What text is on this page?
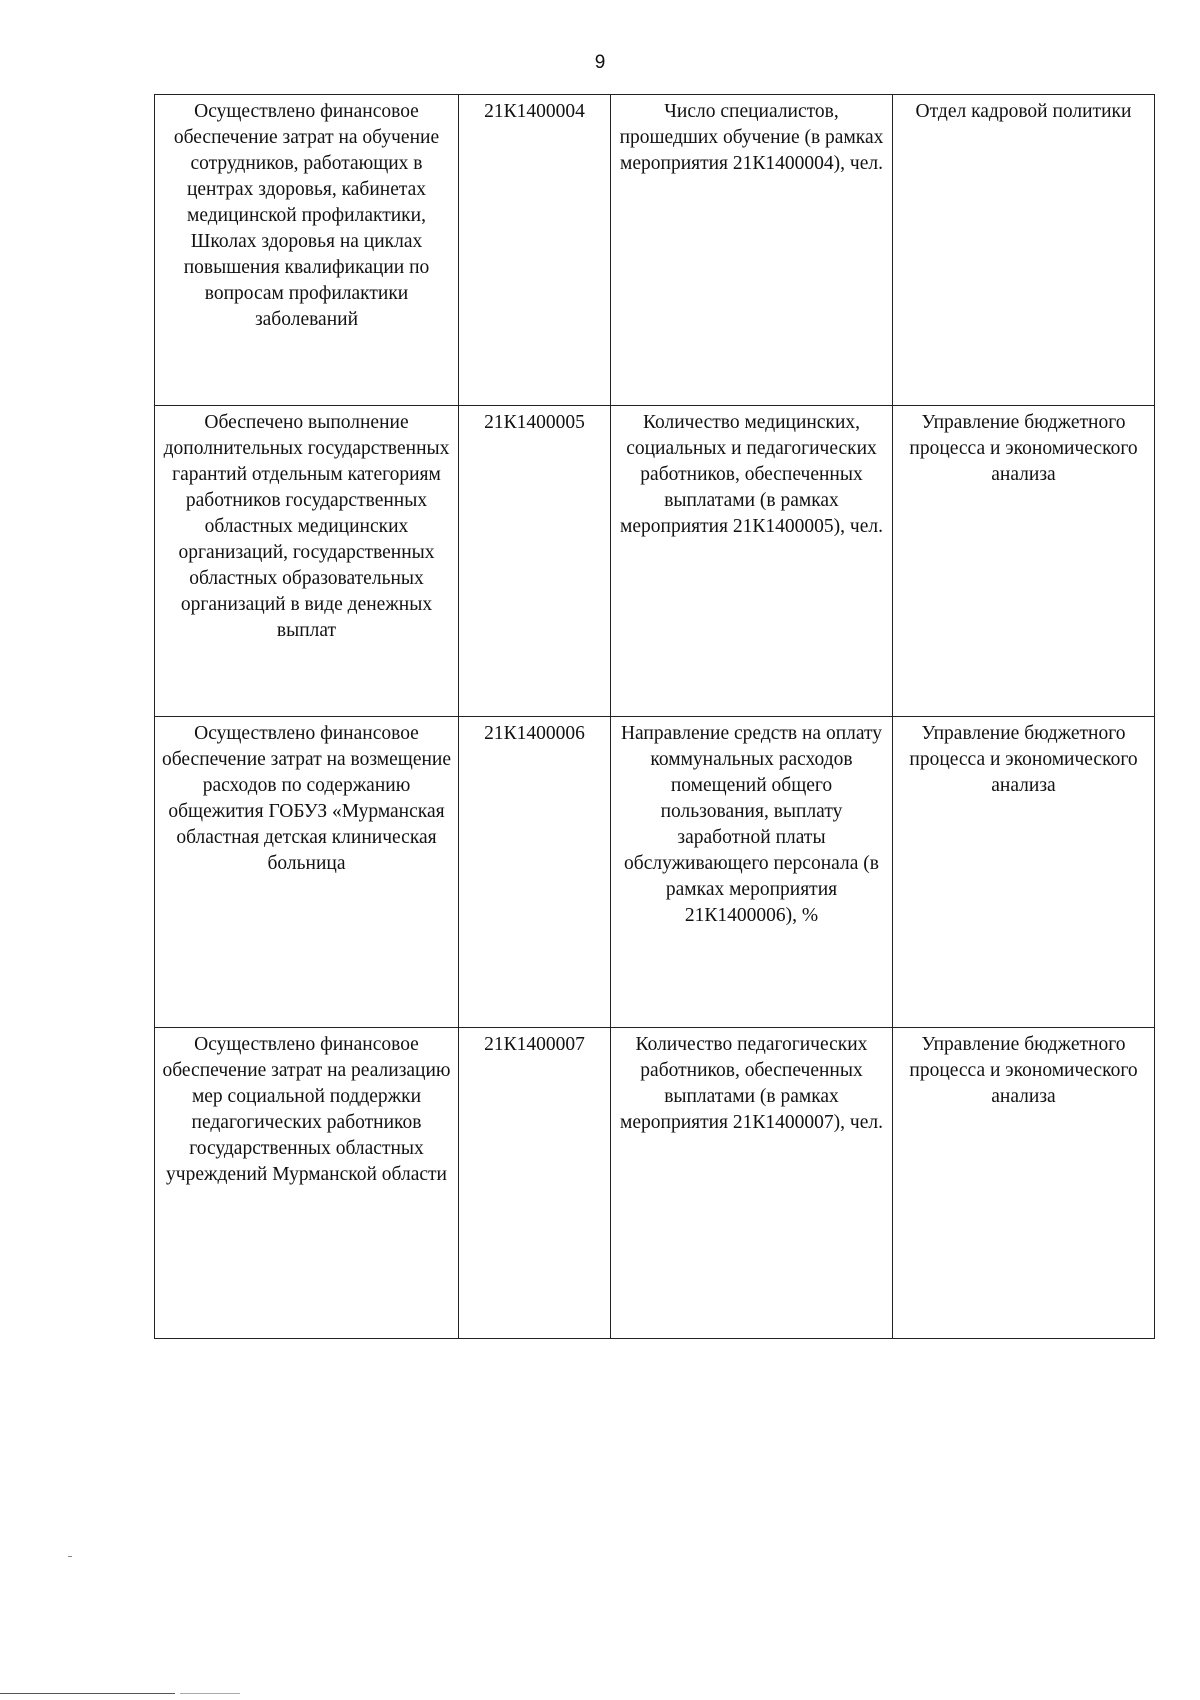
9
Осуществлено финансовое обеспечение затрат на обучение сотрудников, работающих в центрах здоровья, кабинетах медицинской профилактики, Школах здоровья на циклах повышения квалификации по вопросам профилактики заболеваний	21К1400004	Число специалистов, прошедших обучение (в рамках мероприятия 21К1400004), чел.	Отдел кадровой политики
Обеспечено выполнение дополнительных государственных гарантий отдельным категориям работников государственных областных медицинских организаций, государственных областных образовательных организаций в виде денежных выплат	21К1400005	Количество медицинских, социальных и педагогических работников, обеспеченных выплатами (в рамках мероприятия 21К1400005), чел.	Управление бюджетного процесса и экономического анализа
Осуществлено финансовое обеспечение затрат на возмещение расходов по содержанию общежития ГОБУЗ «Мурманская областная детская клиническая больница	21К1400006	Направление средств на оплату коммунальных расходов помещений общего пользования, выплату заработной платы обслуживающего персонала (в рамках мероприятия 21К1400006), %	Управление бюджетного процесса и экономического анализа
Осуществлено финансовое обеспечение затрат на реализацию мер социальной поддержки педагогических работников государственных областных учреждений Мурманской области	21К1400007	Количество педагогических работников, обеспеченных выплатами (в рамках мероприятия 21К1400007), чел.	Управление бюджетного процесса и экономического анализа
